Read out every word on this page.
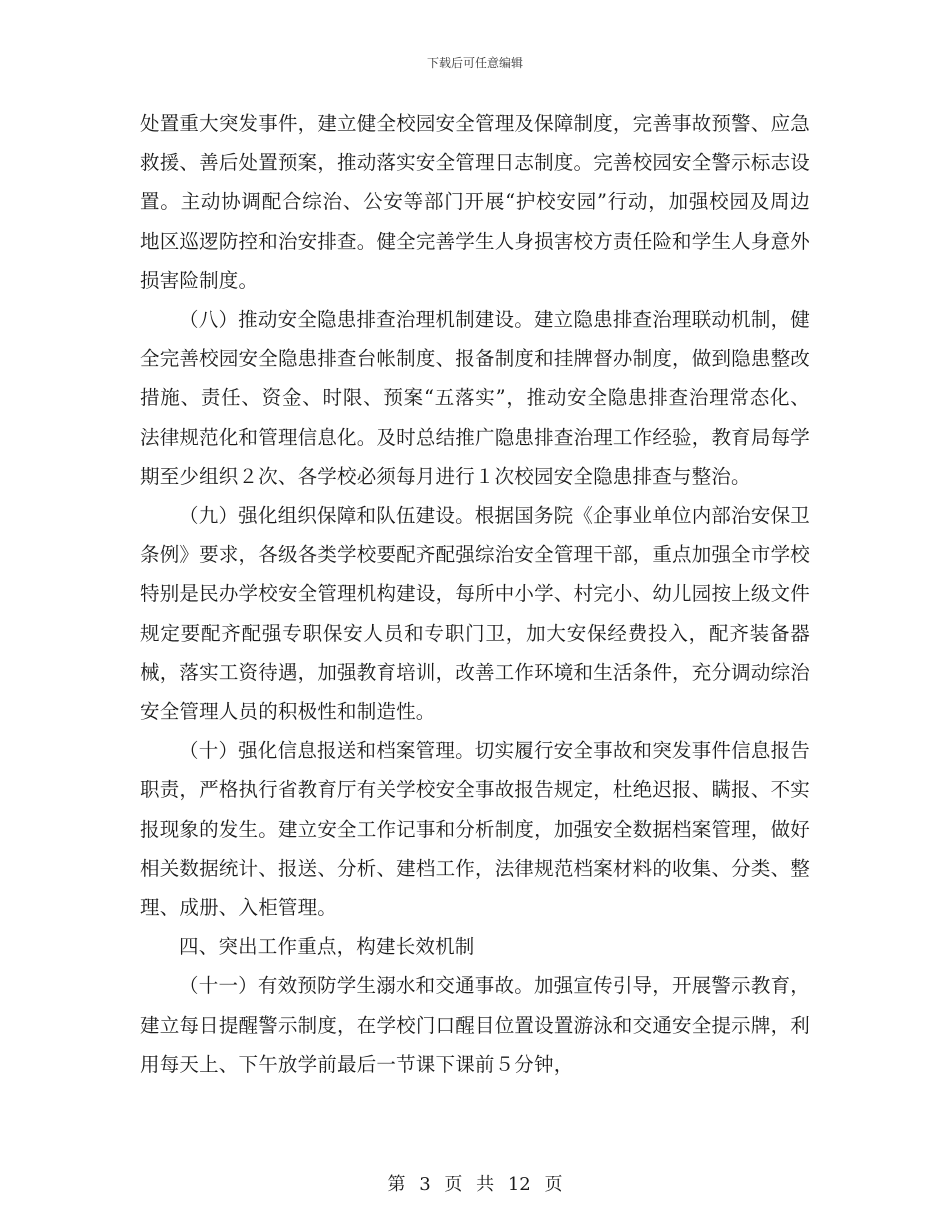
下载后可任意编辑

处置重大突发事件，建立健全校园安全管理及保障制度，完善事故预警、应急救援、善后处置预案，推动落实安全管理日志制度。完善校园安全警示标志设置。主动协调配合综治、公安等部门开展“护校安园”行动，加强校园及周边地区巡逻防控和治安排查。健全完善学生人身损害校方责任险和学生人身意外损害险制度。

（八）推动安全隐患排查治理机制建设。建立隐患排查治理联动机制，健全完善校园安全隐患排查台帐制度、报备制度和挂牌督办制度，做到隐患整改措施、责任、资金、时限、预案“五落实”，推动安全隐患排查治理常态化、法律规范化和管理信息化。及时总结推广隐患排查治理工作经验，教育局每学期至少组织２次、各学校必须每月进行１次校园安全隐患排查与整治。

（九）强化组织保障和队伍建设。根据国务院《企事业单位内部治安保卫条例》要求，各级各类学校要配齐配强综治安全管理干部，重点加强全市学校特别是民办学校安全管理机构建设，每所中小学、村完小、幼儿园按上级文件规定要配齐配强专职保安人员和专职门卫，加大安保经费投入，配齐装备器械，落实工资待遇，加强教育培训，改善工作环境和生活条件，充分调动综治安全管理人员的积极性和制造性。

（十）强化信息报送和档案管理。切实履行安全事故和突发事件信息报告职责，严格执行省教育厅有关学校安全事故报告规定，杜绝迟报、瞒报、不实报现象的发生。建立安全工作记事和分析制度，加强安全数据档案管理，做好相关数据统计、报送、分析、建档工作，法律规范档案材料的收集、分类、整理、成册、入柜管理。

四、突出工作重点，构建长效机制

（十一）有效预防学生溺水和交通事故。加强宣传引导，开展警示教育，建立每日提醒警示制度，在学校门口醒目位置设置游泳和交通安全提示牌，利用每天上、下午放学前最后一节课下课前５分钟，

第 3 页 共 12 页
